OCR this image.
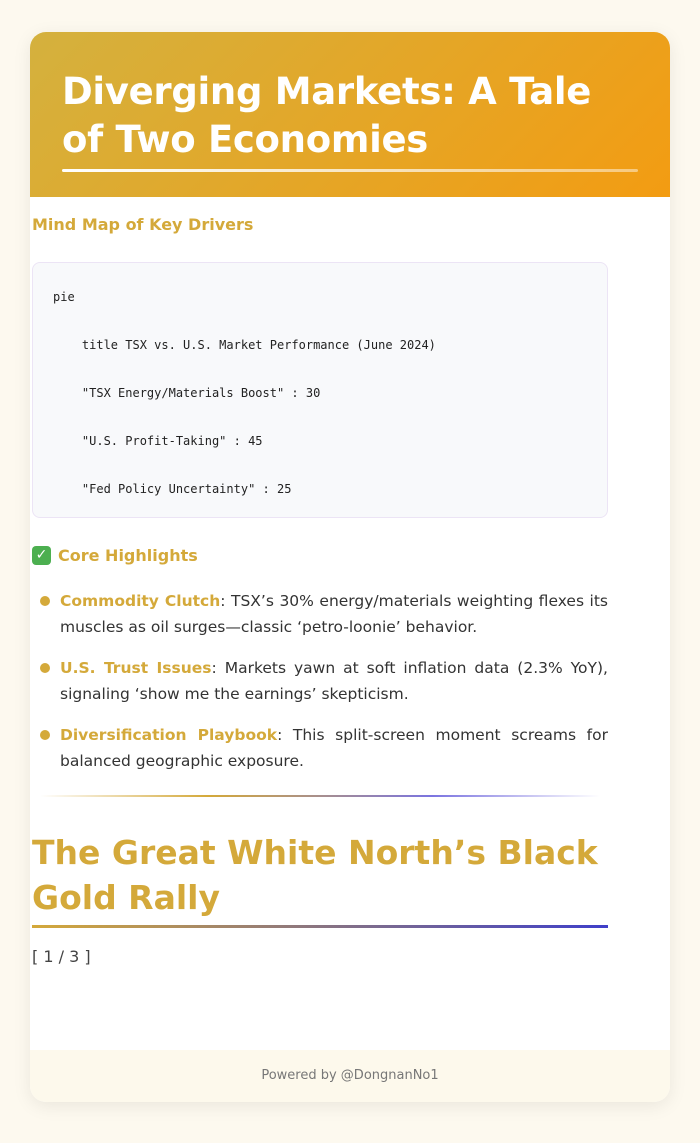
Diverging Markets: A Tale of Two Economies
Mind Map of Key Drivers
pie
title TSX vs. U.S. Market Performance (June 2024)
"TSX Energy/Materials Boost" : 30
"U.S. Profit-Taking" : 45
"Fed Policy Uncertainty" : 25
✓ Core Highlights
Commodity Clutch: TSX’s 30% energy/materials weighting flexes its muscles as oil surges—classic ‘petro-loonie’ behavior.
U.S. Trust Issues: Markets yawn at soft inflation data (2.3% YoY), signaling ‘show me the earnings’ skepticism.
Diversification Playbook: This split-screen moment screams for balanced geographic exposure.
The Great White North’s Black Gold Rally
[ 1 / 3 ]
Powered by @DongnanNo1
